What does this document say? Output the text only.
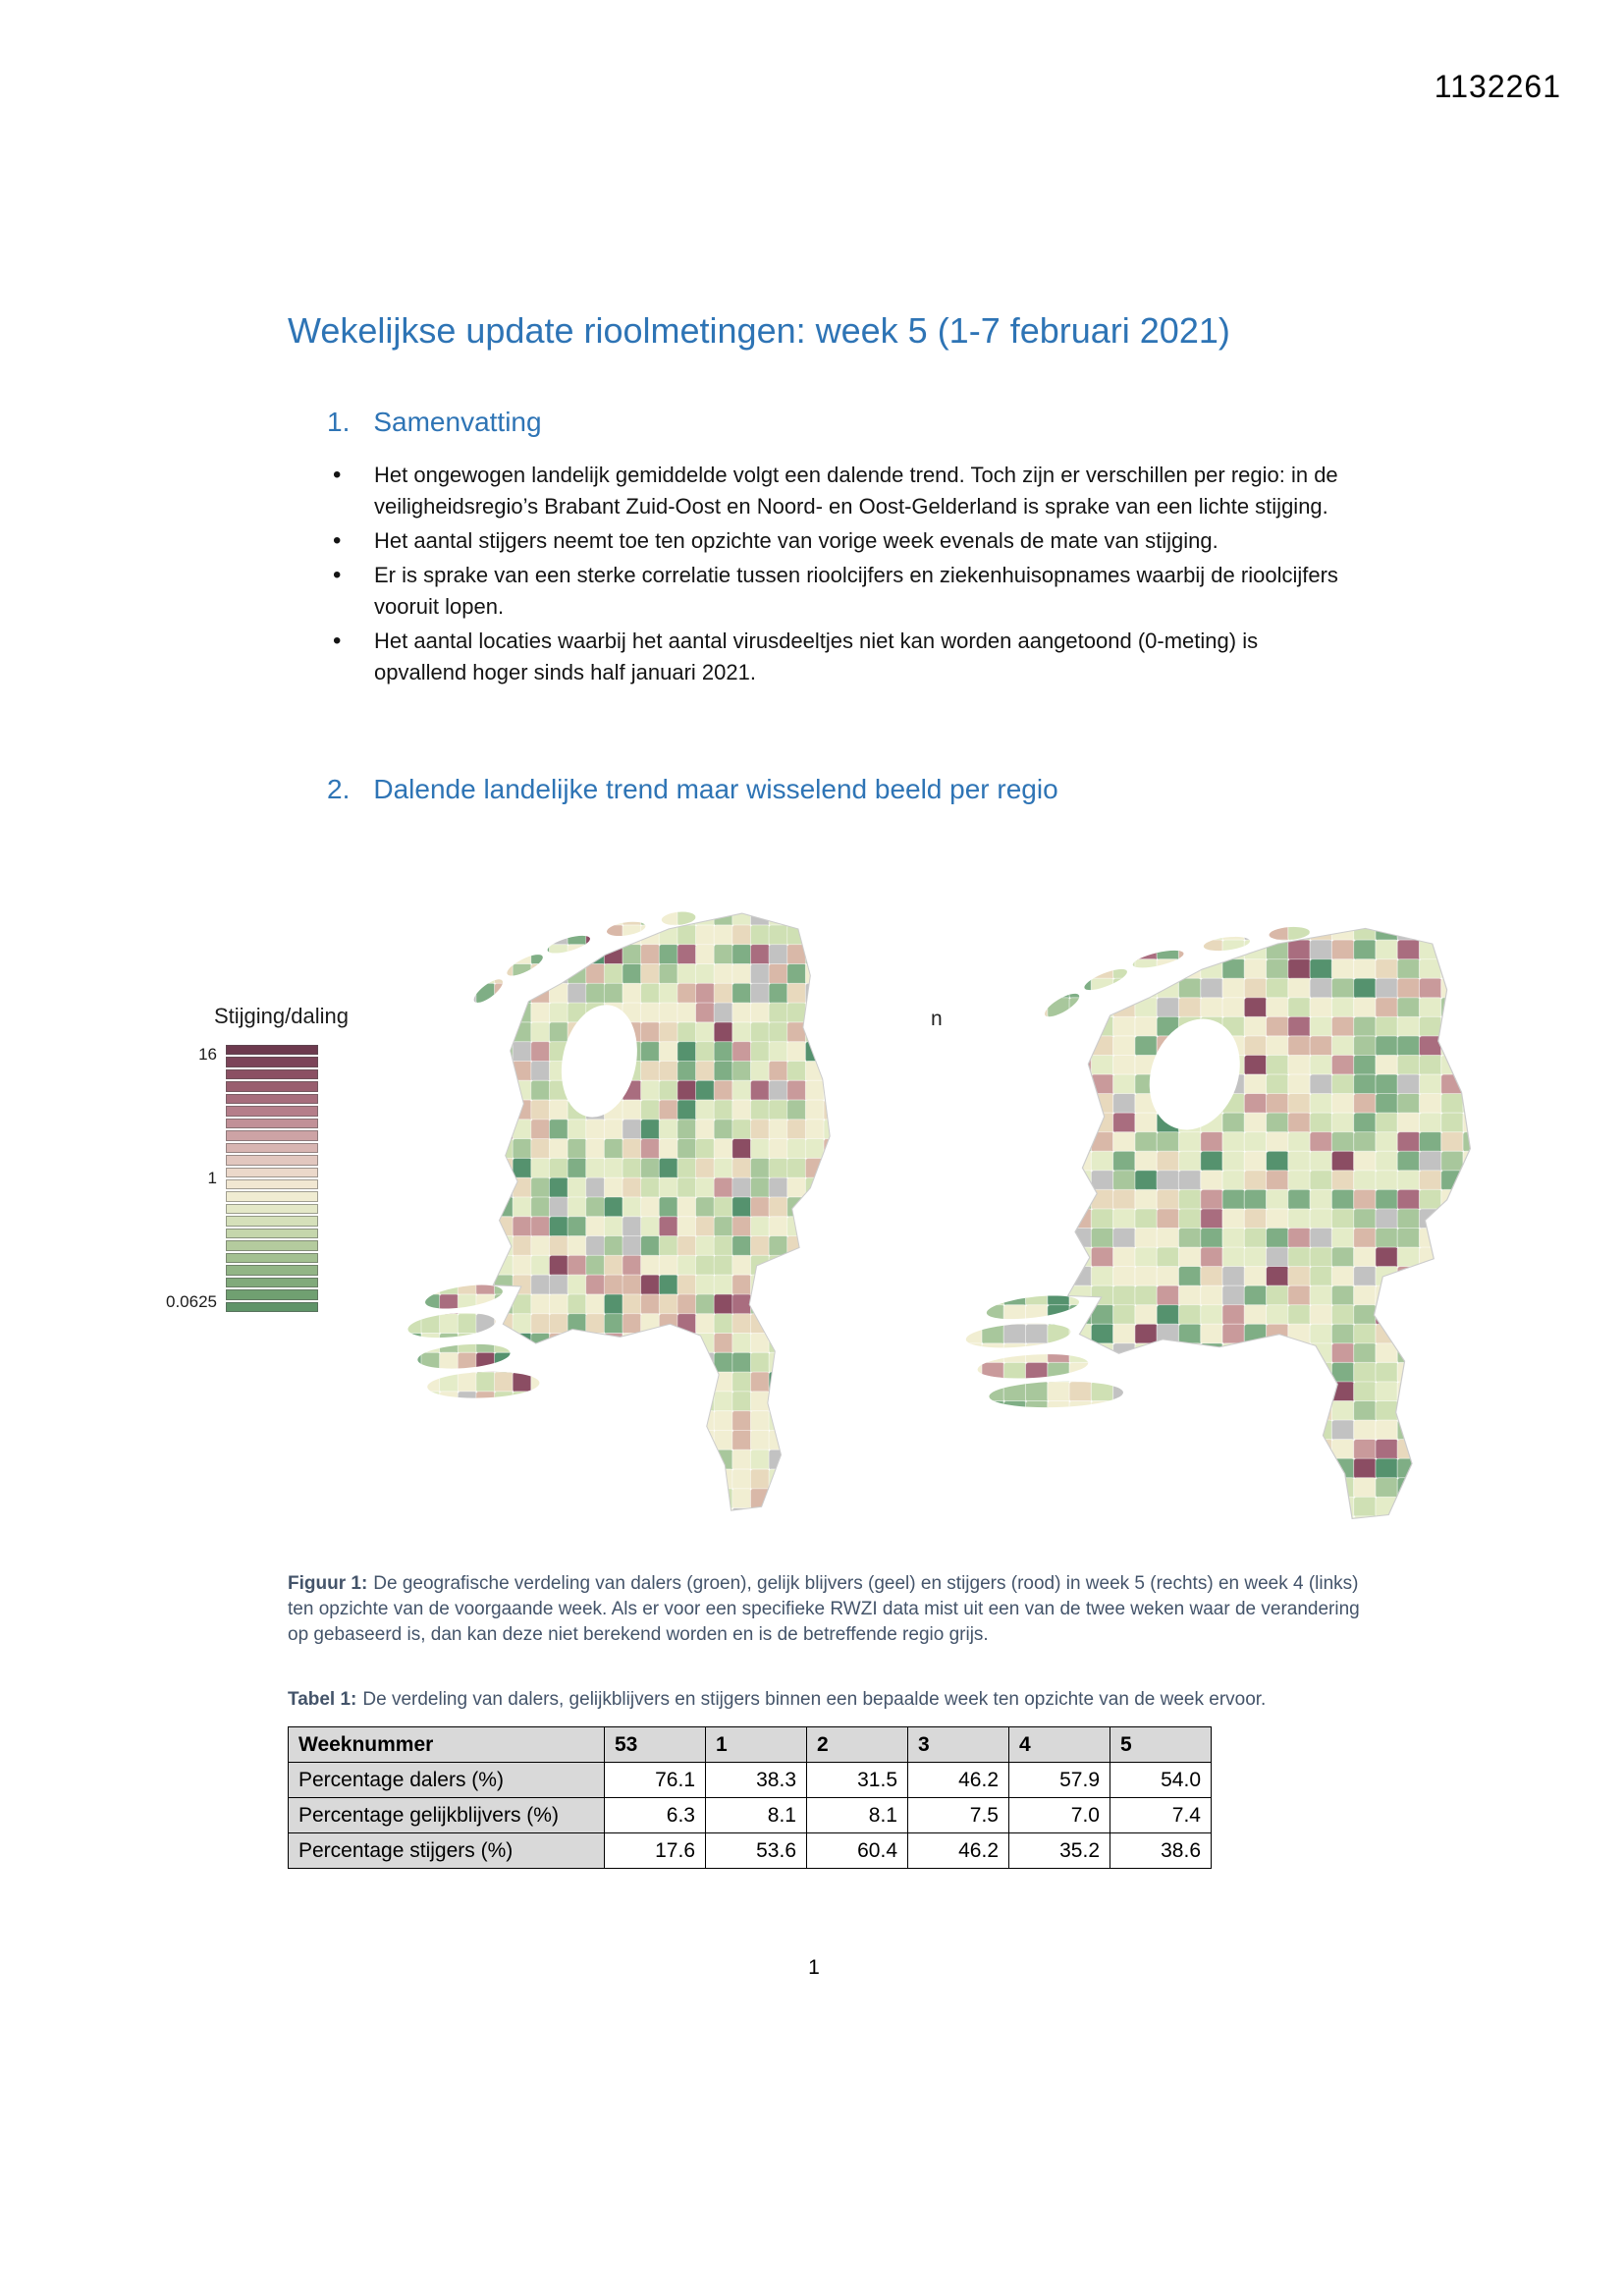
1132261
Wekelijkse update rioolmetingen: week 5 (1-7 februari 2021)
1. Samenvatting
• Het ongewogen landelijk gemiddelde volgt een dalende trend. Toch zijn er verschillen per regio: in de veiligheidsregio’s Brabant Zuid-Oost en Noord- en Oost-Gelderland is sprake van een lichte stijging.
• Het aantal stijgers neemt toe ten opzichte van vorige week evenals de mate van stijging.
• Er is sprake van een sterke correlatie tussen rioolcijfers en ziekenhuisopnames waarbij de rioolcijfers vooruit lopen.
• Het aantal locaties waarbij het aantal virusdeeltjes niet kan worden aangetoond (0-meting) is opvallend hoger sinds half januari 2021.
2. Dalende landelijke trend maar wisselend beeld per regio
Stijging/daling
16
1
0.0625
n

Figuur 1: De geografische verdeling van dalers (groen), gelijk blijvers (geel) en stijgers (rood) in week 5 (rechts) en week 4 (links) ten opzichte van de voorgaande week. Als er voor een specifieke RWZI data mist uit een van de twee weken waar de verandering op gebaseerd is, dan kan deze niet berekend worden en is de betreffende regio grijs.

Tabel 1: De verdeling van dalers, gelijkblijvers en stijgers binnen een bepaalde week ten opzichte van de week ervoor.

Weeknummer	53	1	2	3	4	5
Percentage dalers (%)	76.1	38.3	31.5	46.2	57.9	54.0
Percentage gelijkblijvers (%)	6.3	8.1	8.1	7.5	7.0	7.4
Percentage stijgers (%)	17.6	53.6	60.4	46.2	35.2	38.6
1
